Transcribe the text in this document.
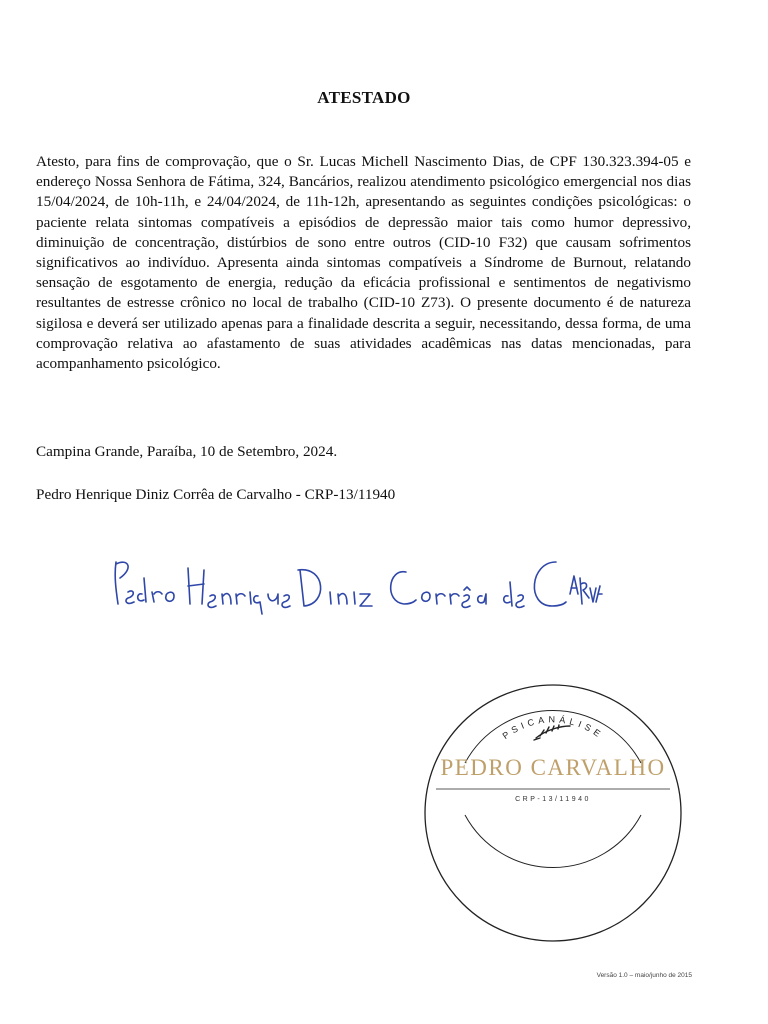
ATESTADO
Atesto, para fins de comprovação, que o Sr. Lucas Michell Nascimento Dias, de CPF 130.323.394-05 e endereço Nossa Senhora de Fátima, 324, Bancários, realizou atendimento psicológico emergencial nos dias 15/04/2024, de 10h-11h, e 24/04/2024, de 11h-12h, apresentando as seguintes condições psicológicas: o paciente relata sintomas compatíveis a episódios de depressão maior tais como humor depressivo, diminuição de concentração, distúrbios de sono entre outros (CID-10 F32) que causam sofrimentos significativos ao indivíduo. Apresenta ainda sintomas compatíveis a Síndrome de Burnout, relatando sensação de esgotamento de energia, redução da eficácia profissional e sentimentos de negativismo resultantes de estresse crônico no local de trabalho (CID-10 Z73). O presente documento é de natureza sigilosa e deverá ser utilizado apenas para a finalidade descrita a seguir, necessitando, dessa forma, de uma comprovação relativa ao afastamento de suas atividades acadêmicas nas datas mencionadas, para acompanhamento psicológico.
Campina Grande, Paraíba, 10 de Setembro, 2024.
Pedro Henrique Diniz Corrêa de Carvalho - CRP-13/11940
PSICANÁLISE
PEDRO CARVALHO
CRP-13/11940
Versão 1.0 – maio/junho de 2015
